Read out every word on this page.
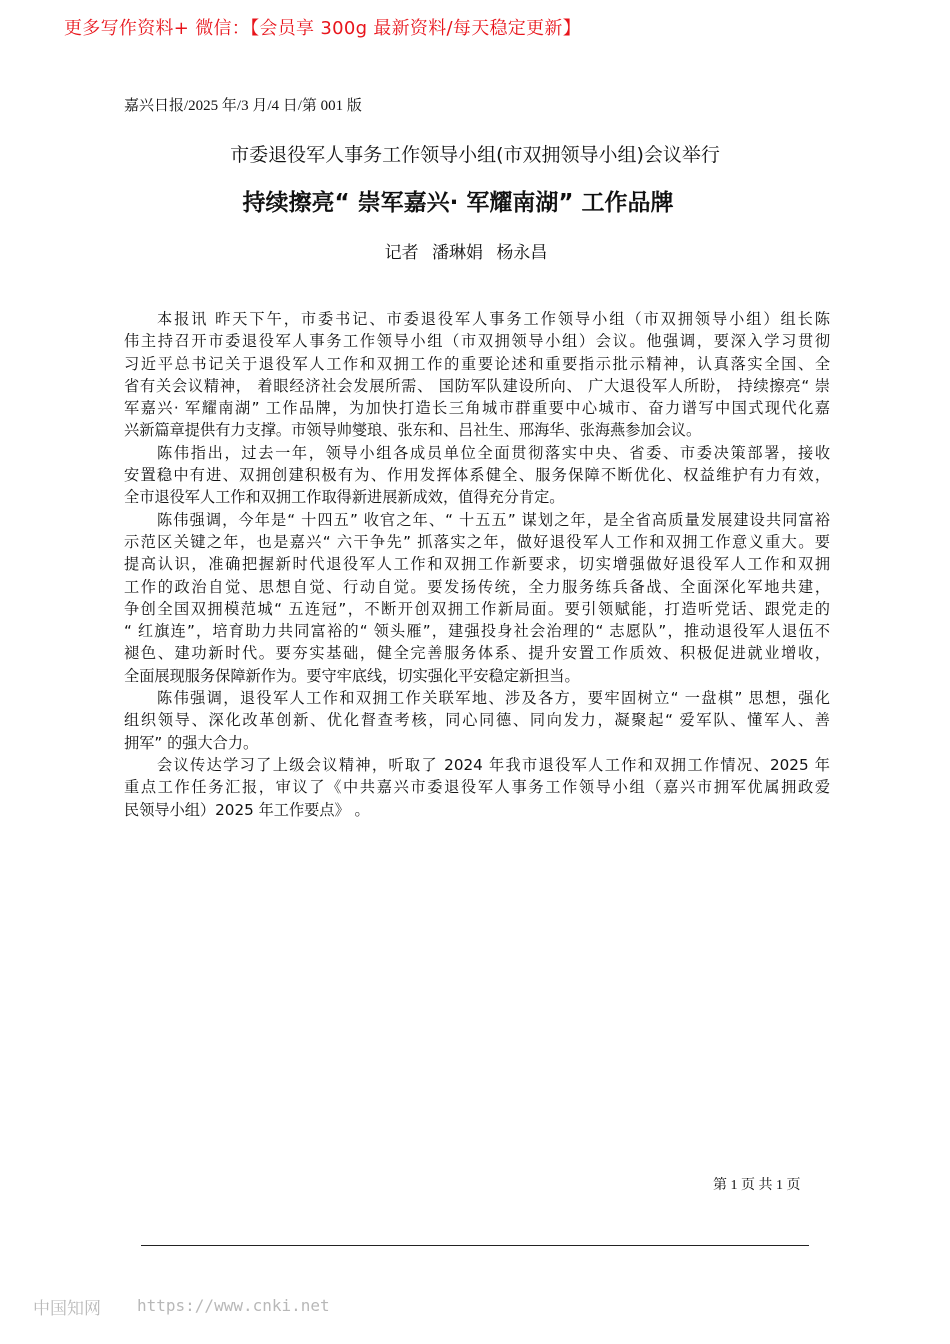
更多写作资料+ 微信：【会员享 300g 最新资料/每天稳定更新】
嘉兴日报/2025 年/3 月/4 日/第 001 版
市委退役军人事务工作领导小组(市双拥领导小组)会议举行
持续擦亮“ 崇军嘉兴· 军耀南湖” 工作品牌
记者 潘琳娟 杨永昌
本报讯 昨天下午，市委书记、市委退役军人事务工作领导小组（市双拥领导小组）组长陈
伟主持召开市委退役军人事务工作领导小组（市双拥领导小组）会议。他强调，要深入学习贯彻
习近平总书记关于退役军人工作和双拥工作的重要论述和重要指示批示精神，认真落实全国、全
省有关会议精神， 着眼经济社会发展所需、 国防军队建设所向、 广大退役军人所盼， 持续擦亮“ 崇
军嘉兴· 军耀南湖” 工作品牌，为加快打造长三角城市群重要中心城市、奋力谱写中国式现代化嘉
兴新篇章提供有力支撑。市领导帅燮琅、张东和、吕社生、邢海华、张海燕参加会议。
陈伟指出，过去一年，领导小组各成员单位全面贯彻落实中央、省委、市委决策部署，接收
安置稳中有进、双拥创建积极有为、作用发挥体系健全、服务保障不断优化、权益维护有力有效，
全市退役军人工作和双拥工作取得新进展新成效，值得充分肯定。
陈伟强调，今年是“ 十四五” 收官之年、“ 十五五” 谋划之年，是全省高质量发展建设共同富裕
示范区关键之年，也是嘉兴“ 六干争先” 抓落实之年，做好退役军人工作和双拥工作意义重大。要
提高认识，准确把握新时代退役军人工作和双拥工作新要求，切实增强做好退役军人工作和双拥
工作的政治自觉、思想自觉、行动自觉。要发扬传统，全力服务练兵备战、全面深化军地共建，
争创全国双拥模范城“ 五连冠”，不断开创双拥工作新局面。要引领赋能，打造听党话、跟党走的
“ 红旗连”，培育助力共同富裕的“ 领头雁”，建强投身社会治理的“ 志愿队”，推动退役军人退伍不
褪色、建功新时代。要夯实基础，健全完善服务体系、提升安置工作质效、积极促进就业增收，
全面展现服务保障新作为。要守牢底线，切实强化平安稳定新担当。
陈伟强调，退役军人工作和双拥工作关联军地、涉及各方，要牢固树立“ 一盘棋” 思想，强化
组织领导、深化改革创新、优化督查考核，同心同德、同向发力，凝聚起“ 爱军队、懂军人、善
拥军” 的强大合力。
会议传达学习了上级会议精神，听取了 2024 年我市退役军人工作和双拥工作情况、2025 年
重点工作任务汇报，审议了《中共嘉兴市委退役军人事务工作领导小组（嘉兴市拥军优属拥政爱
民领导小组）2025 年工作要点》 。
第 1 页 共 1 页
中国知网 https://www.cnki.net
